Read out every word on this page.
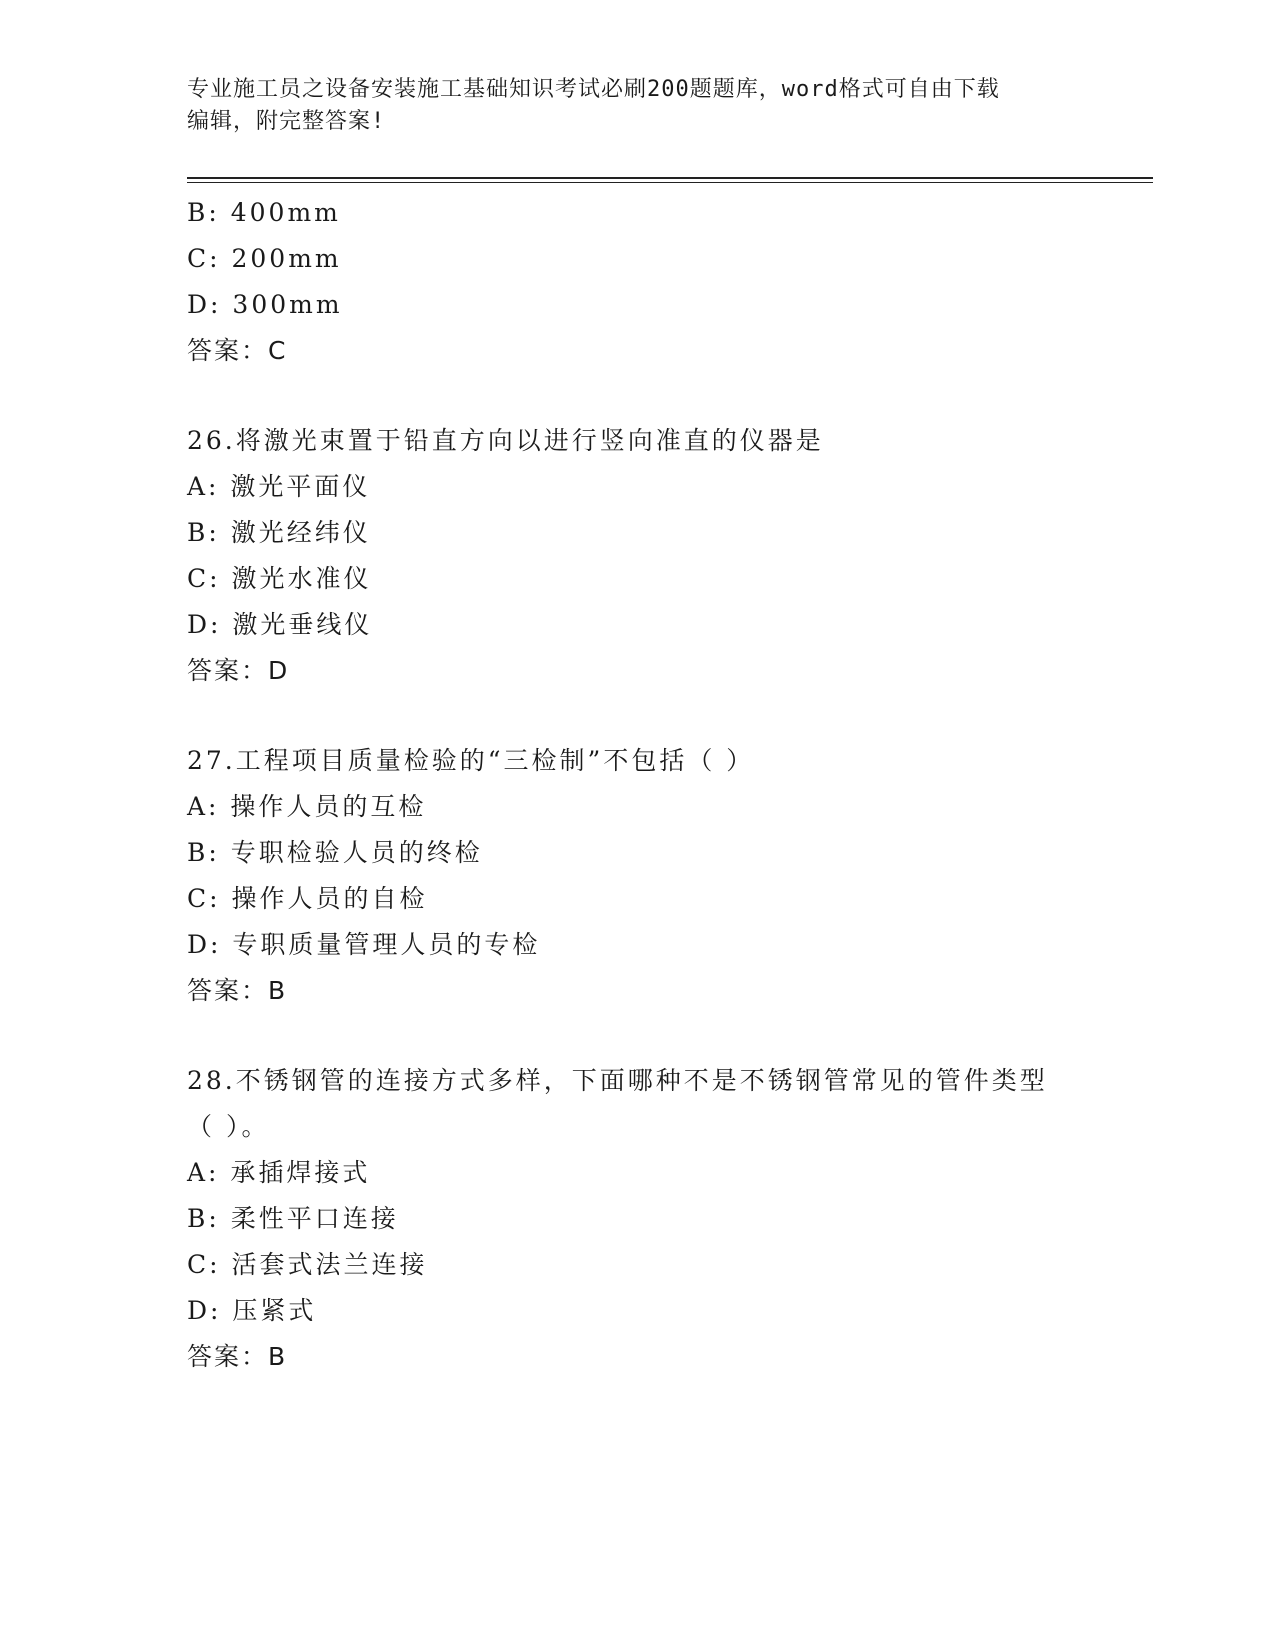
专业施工员之设备安装施工基础知识考试必刷200题题库，word格式可自由下载
编辑，附完整答案!
B: 400mm
C: 200mm
D: 300mm
答案：C
26.将激光束置于铅直方向以进行竖向准直的仪器是
A: 激光平面仪
B: 激光经纬仪
C: 激光水准仪
D: 激光垂线仪
答案：D
27.工程项目质量检验的“三检制”不包括（ ）
A: 操作人员的互检
B: 专职检验人员的终检
C: 操作人员的自检
D: 专职质量管理人员的专检
答案：B
28.不锈钢管的连接方式多样，下面哪种不是不锈钢管常见的管件类型
（ ）。
A: 承插焊接式
B: 柔性平口连接
C: 活套式法兰连接
D: 压紧式
答案：B
